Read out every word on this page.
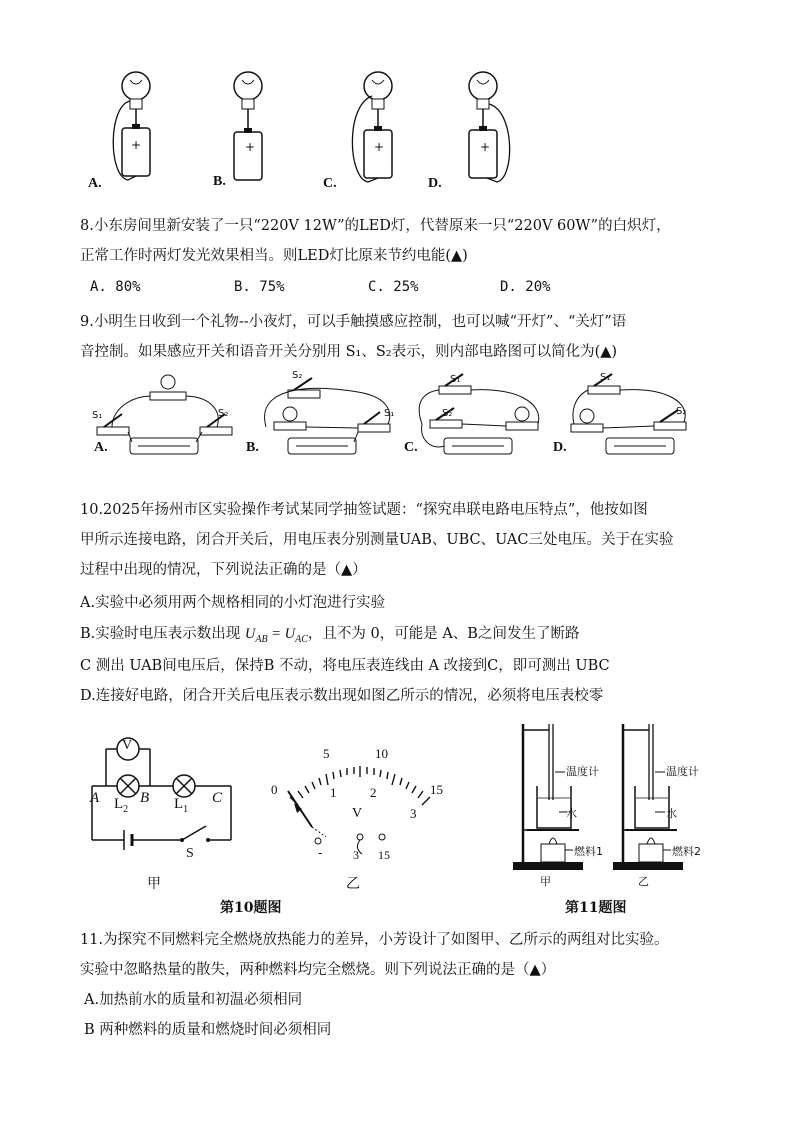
A.	B.	C.	D.
+	+	+	+
8.小东房间里新安装了一只“220V 12W”的LED灯，代替原来一只“220V 60W”的白炽灯，
正常工作时两灯发光效果相当。则LED灯比原来节约电能(▲)
A. 80%	B. 75%	C. 25%	D. 20%
9.小明生日收到一个礼物--小夜灯，可以手触摸感应控制，也可以喊“开灯”、“关灯”语
音控制。如果感应开关和语音开关分别用 S₁、S₂表示，则内部电路图可以简化为(▲)
A.	B.	C.	D.
S₁	S₂
S₂
S₁
S₁
S₂
S₁
S₂
10.2025年扬州市区实验操作考试某同学抽签试题：“探究串联电路电压特点”，他按如图
甲所示连接电路，闭合开关后，用电压表分别测量UAB、UBC、UAC三处电压。关于在实验
过程中出现的情况，下列说法正确的是（▲）
A.实验中必须用两个规格相同的小灯泡进行实验
B.实验时电压表示数出现 $U_{AB} = U_{AC}$，且不为 0，可能是 A、B之间发生了断路
C 测出 UAB间电压后，保持B 不动，将电压表连线由 A 改接到C，即可测出 UBC
D.连接好电路，闭合开关后电压表示数出现如图乙所示的情况，必须将电压表校零
V
A $L_2$
B $L_1$
C
S
甲
0
5	10
15
1	2
3
V
-	3 15
乙
第10题图
温度计
水
燃料1
温度计
水
燃料2
甲	乙
第11题图
11.为探究不同燃料完全燃烧放热能力的差异，小芳设计了如图甲、乙所示的两组对比实验。
实验中忽略热量的散失，两种燃料均完全燃烧。则下列说法正确的是（▲）
A.加热前水的质量和初温必须相同
B 两种燃料的质量和燃烧时间必须相同
